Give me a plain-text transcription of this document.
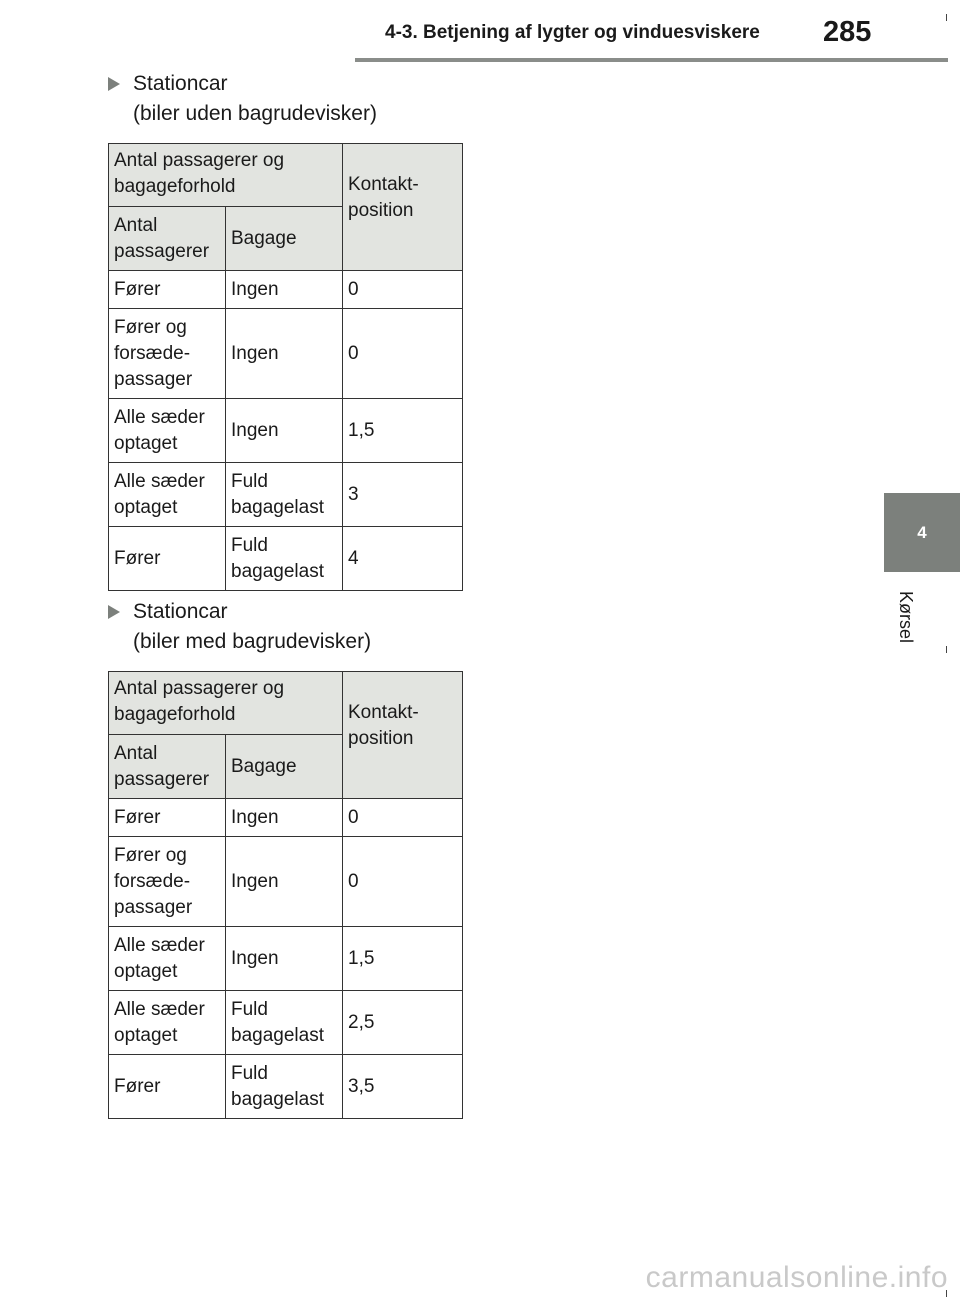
4-3. Betjening af lygter og vinduesviskere 285
4
Kørsel
Stationcar
(biler uden bagrudevisker)
Antal passagerer og bagageforhold		Kontakt-
position

Antal
passagerer	Bagage	

Fører	Ingen	0

Fører og
forsæde-
passager	Ingen	0

Alle sæder
optaget	Ingen	1,5

Alle sæder
optaget	Fuld
bagagelast	3

Fører	Fuld
bagagelast	4
Stationcar
(biler med bagrudevisker)
Antal passagerer og bagageforhold		Kontakt-
position

Antal
passagerer	Bagage	

Fører	Ingen	0

Fører og
forsæde-
passager	Ingen	0

Alle sæder
optaget	Ingen	1,5

Alle sæder
optaget	Fuld
bagagelast	2,5

Fører	Fuld
bagagelast	3,5
carmanualsonline.info
